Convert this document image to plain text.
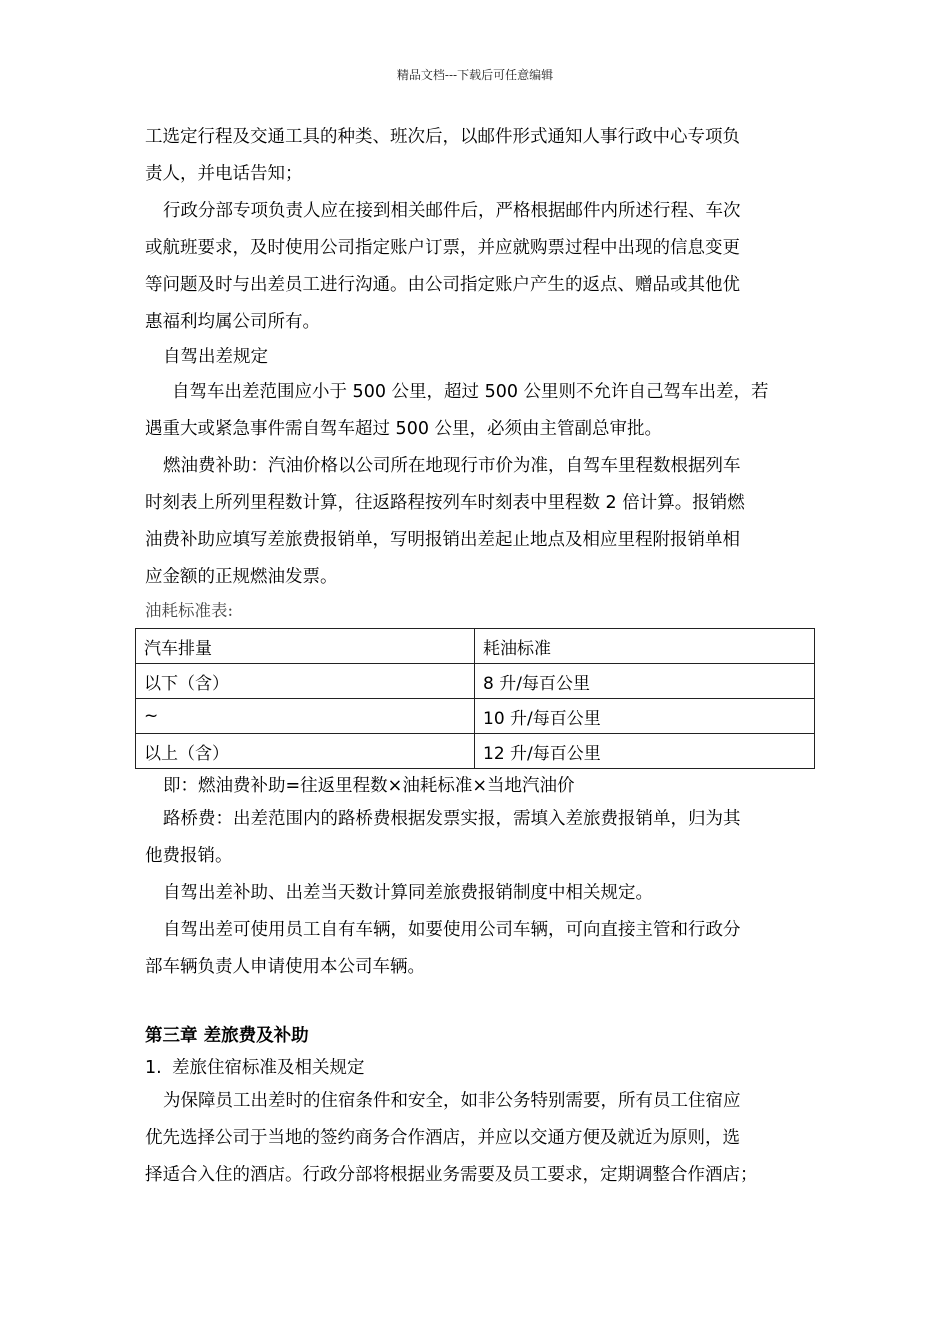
精品文档---下载后可任意编辑

工选定行程及交通工具的种类、班次后，以邮件形式通知人事行政中心专项负

责人，并电话告知；

行政分部专项负责人应在接到相关邮件后，严格根据邮件内所述行程、车次

或航班要求，及时使用公司指定账户订票，并应就购票过程中出现的信息变更

等问题及时与出差员工进行沟通。由公司指定账户产生的返点、赠品或其他优

惠福利均属公司所有。

自驾出差规定

自驾车出差范围应小于 500 公里，超过 500 公里则不允许自己驾车出差，若

遇重大或紧急事件需自驾车超过 500 公里，必须由主管副总审批。

燃油费补助：汽油价格以公司所在地现行市价为准，自驾车里程数根据列车

时刻表上所列里程数计算，往返路程按列车时刻表中里程数 2 倍计算。报销燃

油费补助应填写差旅费报销单，写明报销出差起止地点及相应里程附报销单相

应金额的正规燃油发票。

油耗标准表:
汽车排量	耗油标准
以下（含）	8 升/每百公里
~	10 升/每百公里
以上（含）	12 升/每百公里

即：燃油费补助=往返里程数×油耗标准×当地汽油价

路桥费：出差范围内的路桥费根据发票实报，需填入差旅费报销单，归为其

他费报销。

自驾出差补助、出差当天数计算同差旅费报销制度中相关规定。

自驾出差可使用员工自有车辆，如要使用公司车辆，可向直接主管和行政分

部车辆负责人申请使用本公司车辆。

第三章 差旅费及补助

1. 差旅住宿标准及相关规定

为保障员工出差时的住宿条件和安全，如非公务特别需要，所有员工住宿应

优先选择公司于当地的签约商务合作酒店，并应以交通方便及就近为原则，选

择适合入住的酒店。行政分部将根据业务需要及员工要求，定期调整合作酒店；
